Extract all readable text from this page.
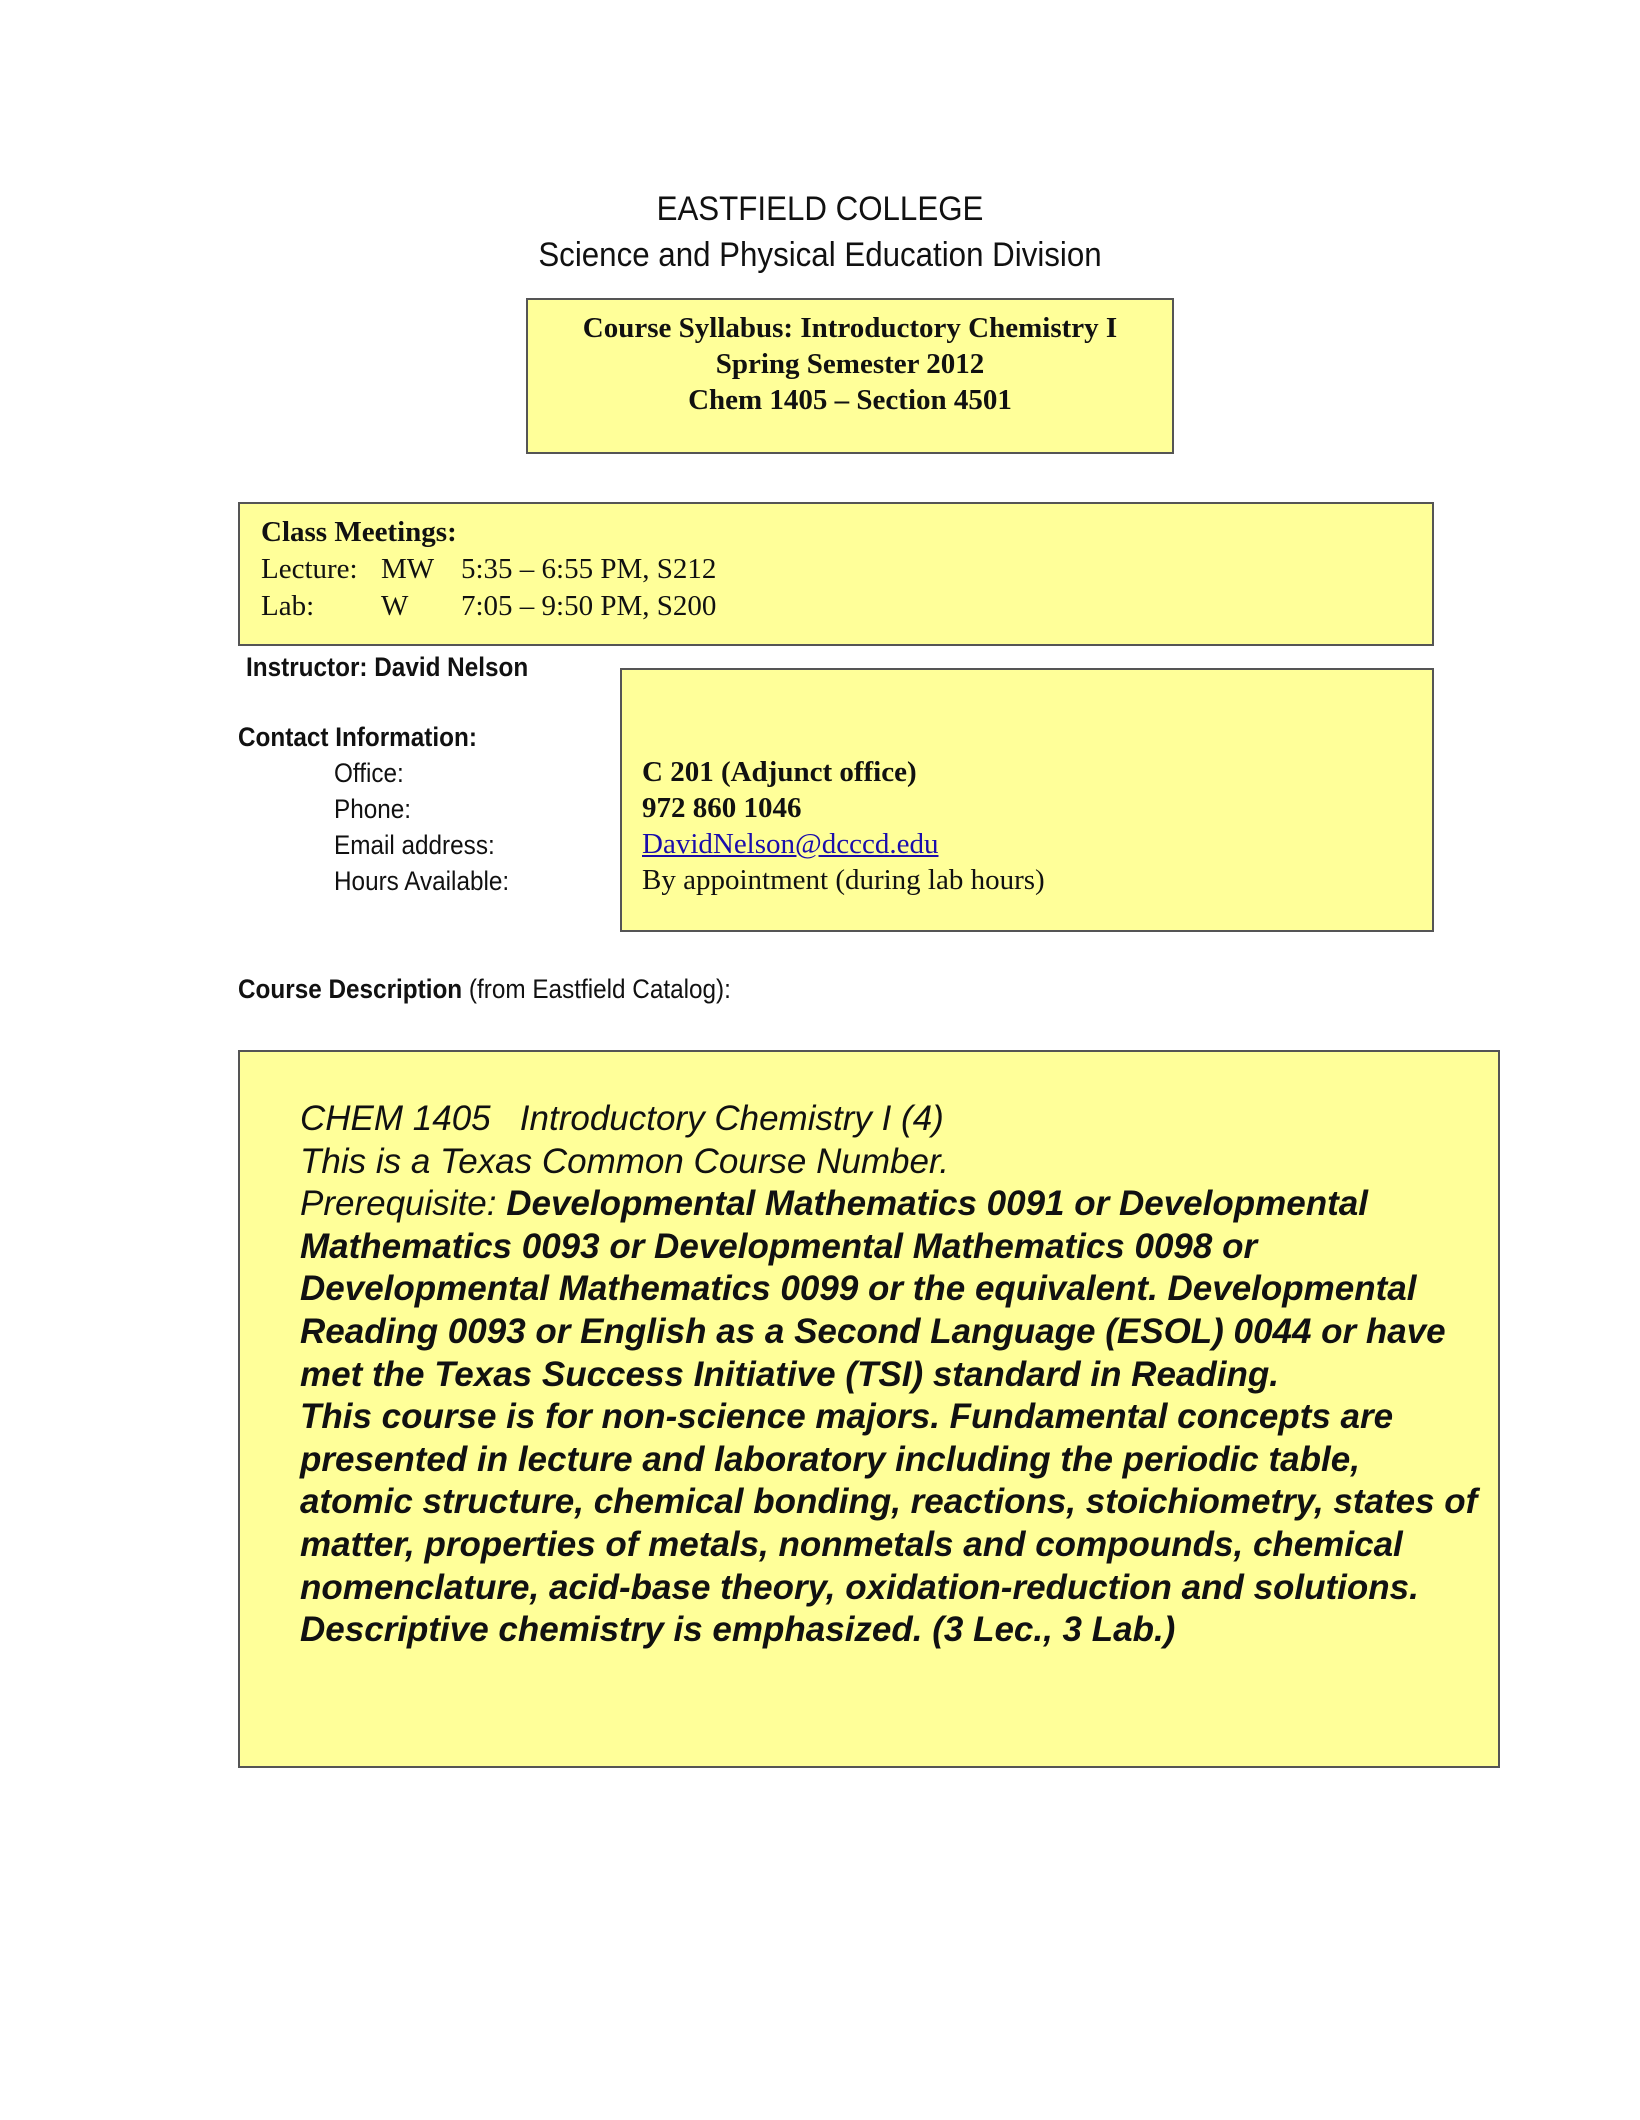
EASTFIELD COLLEGE
Science and Physical Education Division
Course Syllabus: Introductory Chemistry I
Spring Semester 2012
Chem 1405 – Section 4501
Class Meetings:
Lecture: MW 5:35 – 6:55 PM, S212
Lab: W 7:05 – 9:50 PM, S200
Instructor: David Nelson
Contact Information:
Office:
Phone:
Email address:
Hours Available:
C 201 (Adjunct office)
972 860 1046
DavidNelson@dcccd.edu
By appointment (during lab hours)
Course Description (from Eastfield Catalog):

CHEM 1405   Introductory Chemistry I (4)

This is a Texas Common Course Number.

Prerequisite: Developmental Mathematics 0091 or Developmental Mathematics 0093 or Developmental Mathematics 0098 or Developmental Mathematics 0099 or the equivalent. Developmental Reading 0093 or English as a Second Language (ESOL) 0044 or have met the Texas Success Initiative (TSI) standard in Reading.

This course is for non-science majors. Fundamental concepts are presented in lecture and laboratory including the periodic table, atomic structure, chemical bonding, reactions, stoichiometry, states of matter, properties of metals, nonmetals and compounds, chemical nomenclature, acid-base theory, oxidation-reduction and solutions. Descriptive chemistry is emphasized. (3 Lec., 3 Lab.)
